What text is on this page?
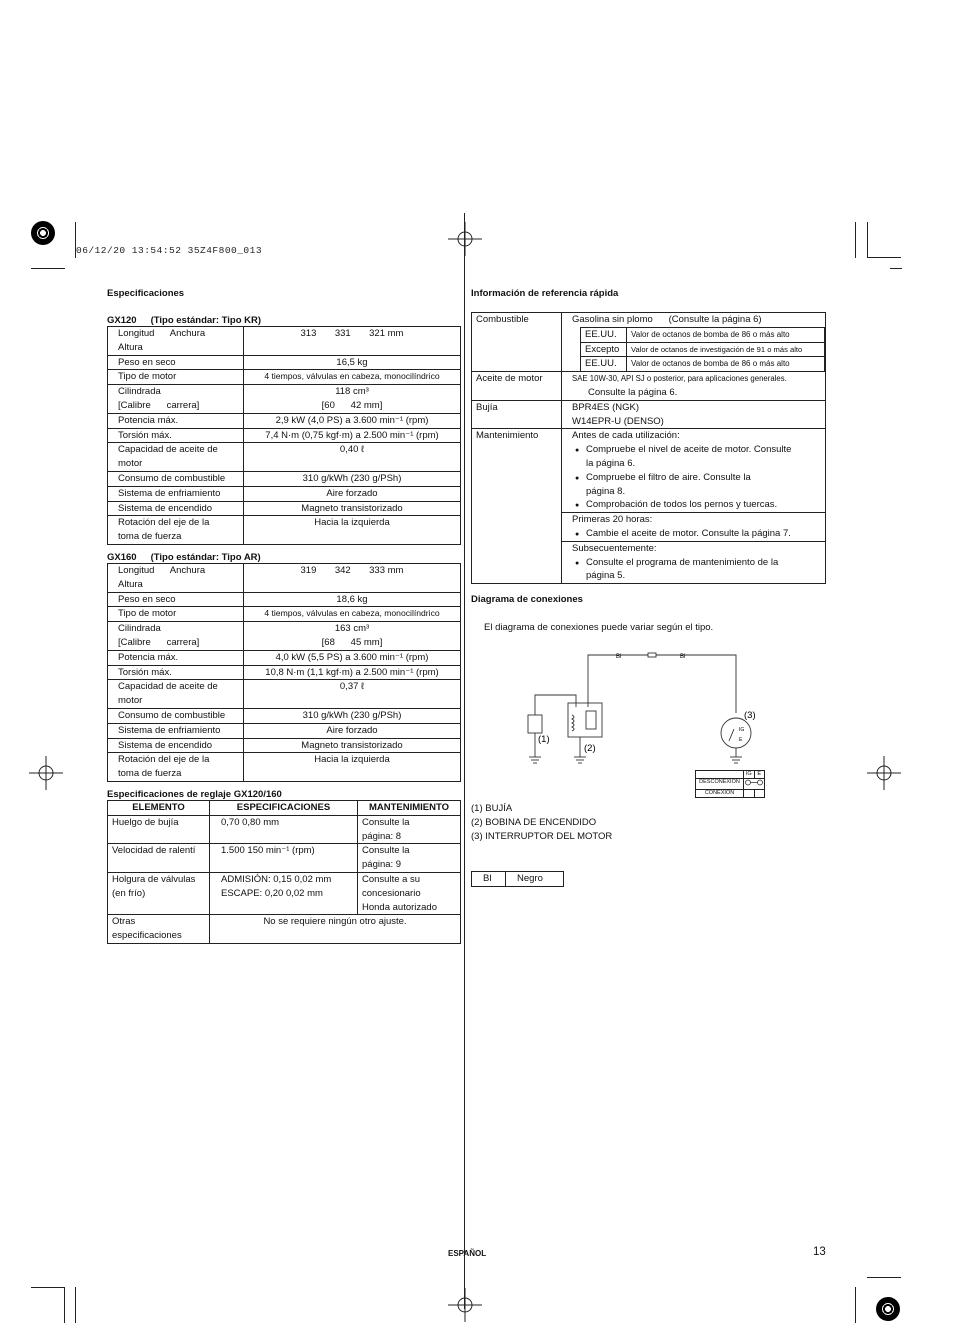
06/12/20 13:54:52 35Z4F800_013
Especificaciones
GX120 (Tipo estándar: Tipo KR)
Longitud      Anchura
Altura	313       331       321 mm
Peso en seco	16,5 kg
Tipo de motor	4 tiempos, válvulas en cabeza, monocilíndrico
Cilindrada
[Calibre      carrera]	118 cm³
[60      42 mm]
Potencia máx.	2,9 kW (4,0 PS) a 3.600 min⁻¹ (rpm)
Torsión máx.	7,4 N·m (0,75 kgf·m) a 2.500 min⁻¹ (rpm)
Capacidad de aceite de
motor	0,40 ℓ
Consumo de combustible	310 g/kWh (230 g/PSh)
Sistema de enfriamiento	Aire forzado
Sistema de encendido	Magneto transistorizado
Rotación del eje de la
toma de fuerza	Hacia la izquierda
GX160 (Tipo estándar: Tipo AR)
Longitud      Anchura
Altura	319       342       333 mm
Peso en seco	18,6 kg
Tipo de motor	4 tiempos, válvulas en cabeza, monocilíndrico
Cilindrada
[Calibre      carrera]	163 cm³
[68      45 mm]
Potencia máx.	4,0 kW (5,5 PS) a 3.600 min⁻¹ (rpm)
Torsión máx.	10,8 N·m (1,1 kgf·m) a 2.500 min⁻¹ (rpm)
Capacidad de aceite de
motor	0,37 ℓ
Consumo de combustible	310 g/kWh (230 g/PSh)
Sistema de enfriamiento	Aire forzado
Sistema de encendido	Magneto transistorizado
Rotación del eje de la
toma de fuerza	Hacia la izquierda
Especificaciones de reglaje GX120/160
ELEMENTO	ESPECIFICACIONES	MANTENIMIENTO
Huelgo de bujía	0,70 0,80 mm	Consulte la
página: 8
Velocidad de ralentí	1.500 150 min⁻¹ (rpm)	Consulte la
página: 9
Holgura de válvulas
(en frío)	ADMISIÓN: 0,15 0,02 mm
ESCAPE: 0,20 0,02 mm	Consulte a su
concesionario
Honda autorizado
Otras
especificaciones	No se requiere ningún otro ajuste.	
Información de referencia rápida
Combustible	Gasolina sin plomo      (Consulte la página 6)
EE.UU.	Valor de octanos de bomba de 86 o más alto
Excepto	Valor de octanos de investigación de 91 o más alto
EE.UU.	Valor de octanos de bomba de 86 o más alto

Aceite de motor	SAE 10W-30, API SJ o posterior, para aplicaciones generales.
Consulte la página 6.

Bujía	BPR4ES (NGK)
W14EPR-U (DENSO)

Mantenimiento	Antes de cada utilización:
● Compruebe el nivel de aceite de motor. Consulte
la página 6.
● Compruebe el filtro de aire. Consulte la
página 8.
● Comprobación de todos los pernos y tuercas.
Primeras 20 horas:
● Cambie el aceite de motor. Consulte la página 7.
Subsecuentemente:
● Consulte el programa de mantenimiento de la
página 5.
Diagrama de conexiones
El diagrama de conexiones puede variar según el tipo.
Bl	Bl
(1)
(2)
(3)
IG
E
	IG	E
DESCONEXIÓN	
CONEXIÓN		
(1) BUJÍA
(2) BOBINA DE ENCENDIDO
(3) INTERRUPTOR DEL MOTOR
Bl	Negro
ESPAÑOL	13
